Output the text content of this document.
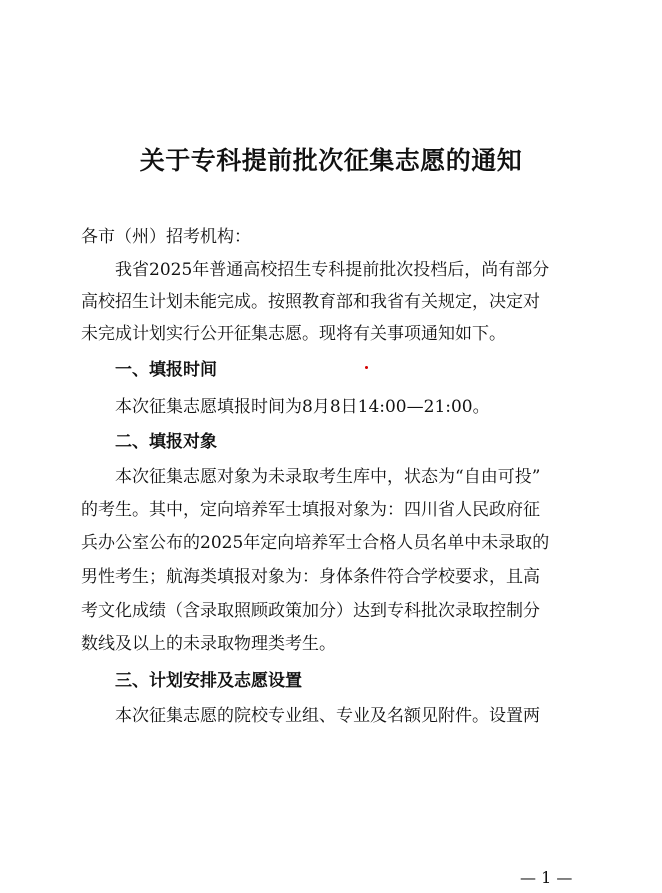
关于专科提前批次征集志愿的通知
各市（州）招考机构：
我省2025年普通高校招生专科提前批次投档后，尚有部分
高校招生计划未能完成。按照教育部和我省有关规定，决定对
未完成计划实行公开征集志愿。现将有关事项通知如下。
一、填报时间
本次征集志愿填报时间为8月8日14:00—21:00。
二、填报对象
本次征集志愿对象为未录取考生库中，状态为“自由可投”
的考生。其中，定向培养军士填报对象为：四川省人民政府征
兵办公室公布的2025年定向培养军士合格人员名单中未录取的
男性考生；航海类填报对象为：身体条件符合学校要求，且高
考文化成绩（含录取照顾政策加分）达到专科批次录取控制分
数线及以上的未录取物理类考生。
三、计划安排及志愿设置
本次征集志愿的院校专业组、专业及名额见附件。设置两
— 1 —
